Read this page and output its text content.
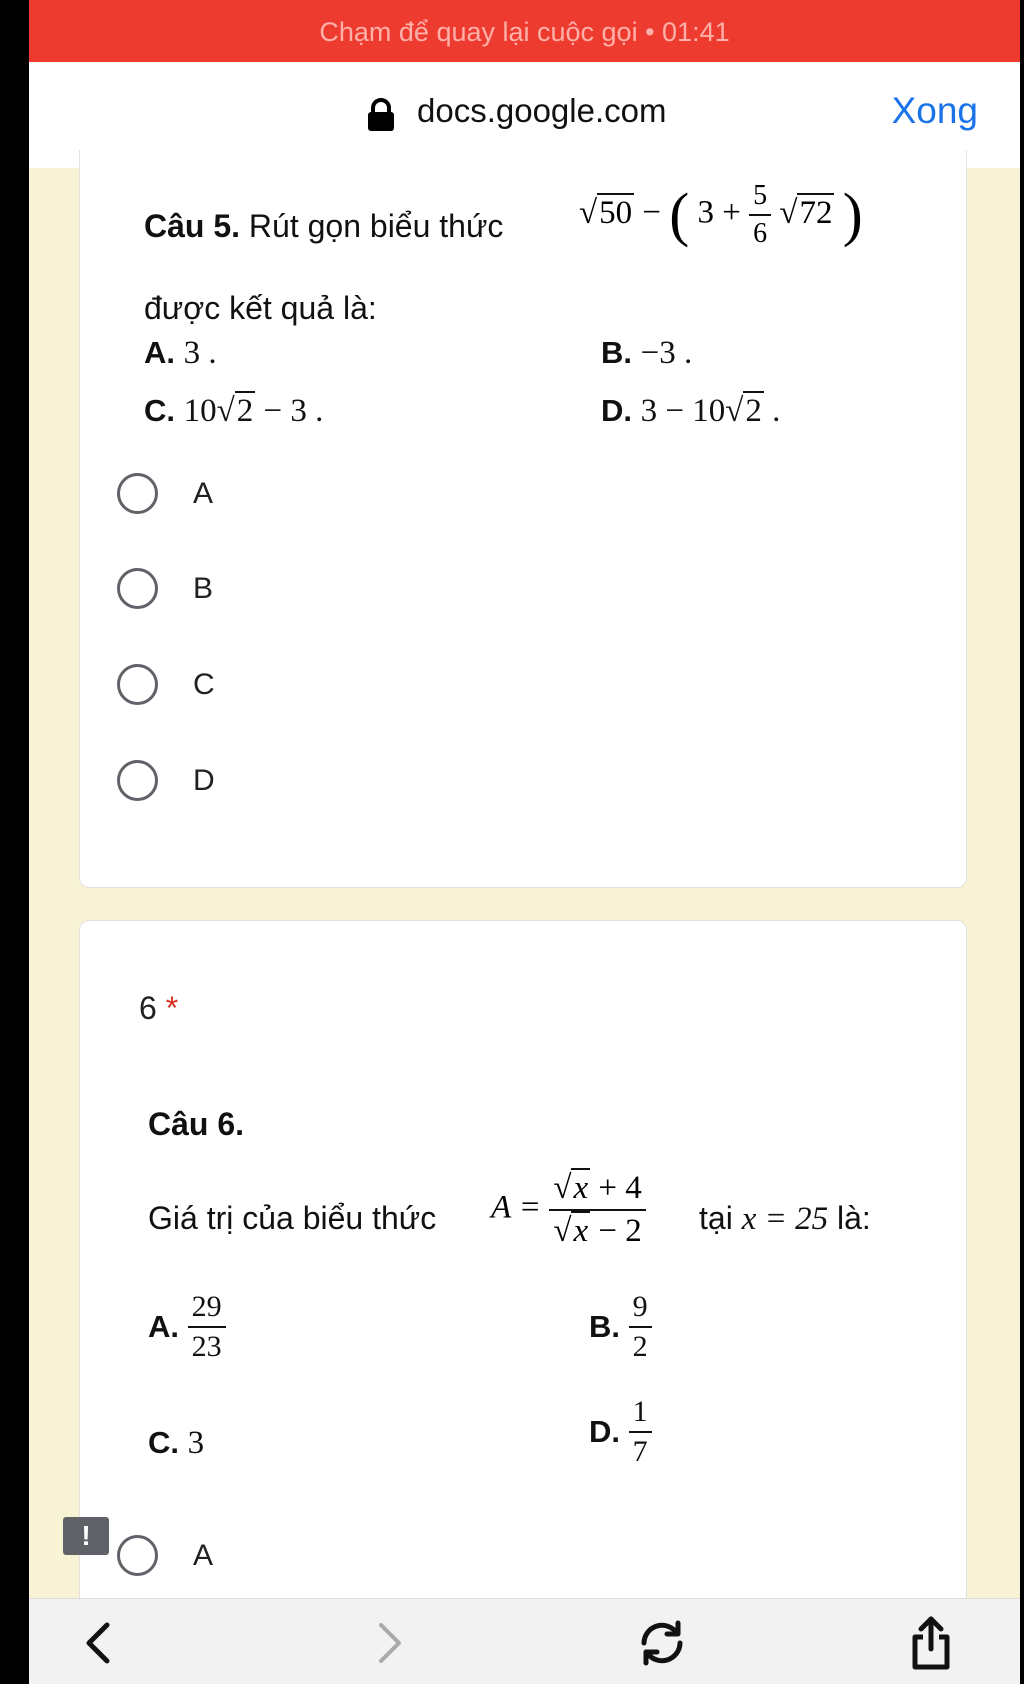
Chạm để quay lại cuộc gọi • 01:41
docs.google.com	Xong
Câu 5. Rút gọn biểu thức √50 − ( $3 + \frac{5}{6} √72$ )
được kết quả là:
A. 3 .	B. −3 .
C. 10√2 − 3 .	D. 3 − 10√2 .
A
B
C
D
6 *
Câu 6.
Giá trị của biểu thức $A = \frac{√x + 4}{√x - 2}$ tại x = 25 là:
A. $\frac{29}{23}$	B. $\frac{9}{2}$
C. 3	D. $\frac{1}{7}$
!
A
